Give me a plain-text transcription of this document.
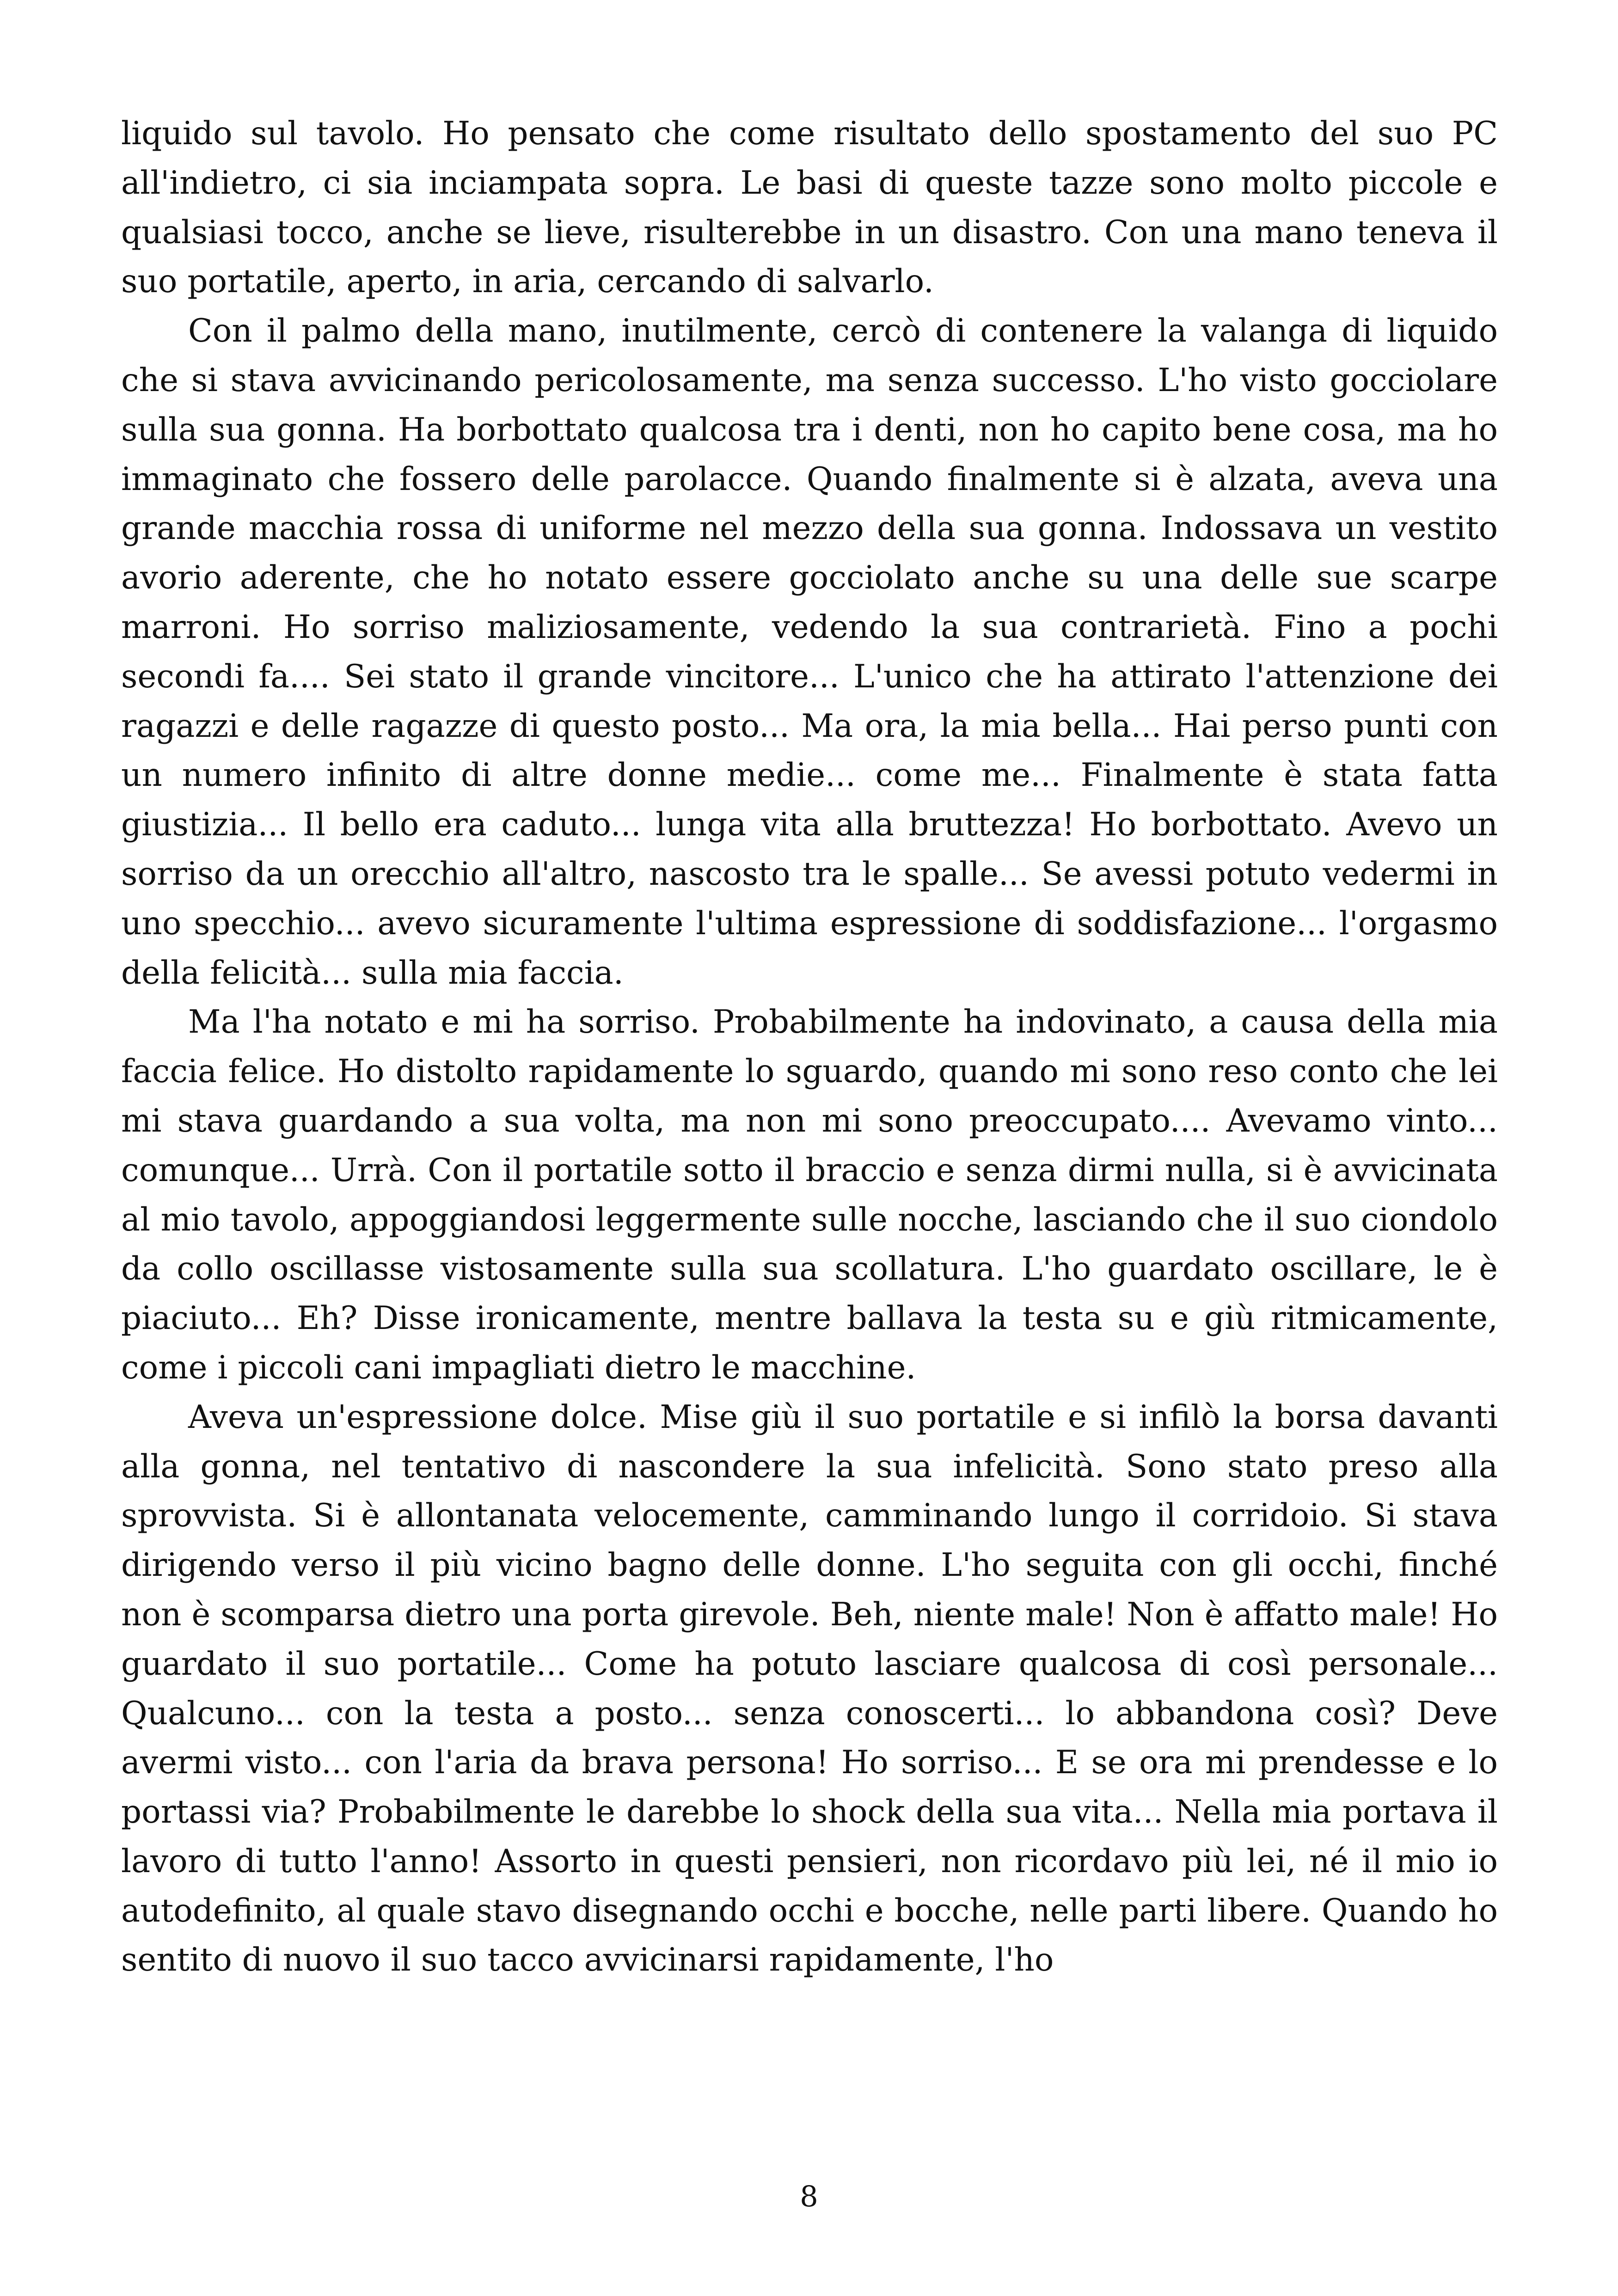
liquido sul tavolo. Ho pensato che come risultato dello spostamento del suo PC all'indietro, ci sia inciampata sopra. Le basi di queste tazze sono molto piccole e qualsiasi tocco, anche se lieve, risulterebbe in un disastro. Con una mano teneva il suo portatile, aperto, in aria, cercando di salvarlo.

Con il palmo della mano, inutilmente, cercò di contenere la valanga di liquido che si stava avvicinando pericolosamente, ma senza successo. L'ho visto gocciolare sulla sua gonna. Ha borbottato qualcosa tra i denti, non ho capito bene cosa, ma ho immaginato che fossero delle parolacce. Quando finalmente si è alzata, aveva una grande macchia rossa di uniforme nel mezzo della sua gonna. Indossava un vestito avorio aderente, che ho notato essere gocciolato anche su una delle sue scarpe marroni. Ho sorriso maliziosamente, vedendo la sua contrarietà. Fino a pochi secondi fa.... Sei stato il grande vincitore... L'unico che ha attirato l'attenzione dei ragazzi e delle ragazze di questo posto... Ma ora, la mia bella... Hai perso punti con un numero infinito di altre donne medie... come me... Finalmente è stata fatta giustizia... Il bello era caduto... lunga vita alla bruttezza! Ho borbottato. Avevo un sorriso da un orecchio all'altro, nascosto tra le spalle... Se avessi potuto vedermi in uno specchio... avevo sicuramente l'ultima espressione di soddisfazione... l'orgasmo della felicità... sulla mia faccia.

Ma l'ha notato e mi ha sorriso. Probabilmente ha indovinato, a causa della mia faccia felice. Ho distolto rapidamente lo sguardo, quando mi sono reso conto che lei mi stava guardando a sua volta, ma non mi sono preoccupato.... Avevamo vinto... comunque... Urrà. Con il portatile sotto il braccio e senza dirmi nulla, si è avvicinata al mio tavolo, appoggiandosi leggermente sulle nocche, lasciando che il suo ciondolo da collo oscillasse vistosamente sulla sua scollatura. L'ho guardato oscillare, le è piaciuto... Eh? Disse ironicamente, mentre ballava la testa su e giù ritmicamente, come i piccoli cani impagliati dietro le macchine.

Aveva un'espressione dolce. Mise giù il suo portatile e si infilò la borsa davanti alla gonna, nel tentativo di nascondere la sua infelicità. Sono stato preso alla sprovvista. Si è allontanata velocemente, camminando lungo il corridoio. Si stava dirigendo verso il più vicino bagno delle donne. L'ho seguita con gli occhi, finché non è scomparsa dietro una porta girevole. Beh, niente male! Non è affatto male! Ho guardato il suo portatile... Come ha potuto lasciare qualcosa di così personale... Qualcuno... con la testa a posto... senza conoscerti... lo abbandona così? Deve avermi visto... con l'aria da brava persona! Ho sorriso... E se ora mi prendesse e lo portassi via? Probabilmente le darebbe lo shock della sua vita... Nella mia portava il lavoro di tutto l'anno! Assorto in questi pensieri, non ricordavo più lei, né il mio io autodefinito, al quale stavo disegnando occhi e bocche, nelle parti libere. Quando ho sentito di nuovo il suo tacco avvicinarsi rapidamente, l'ho

8
